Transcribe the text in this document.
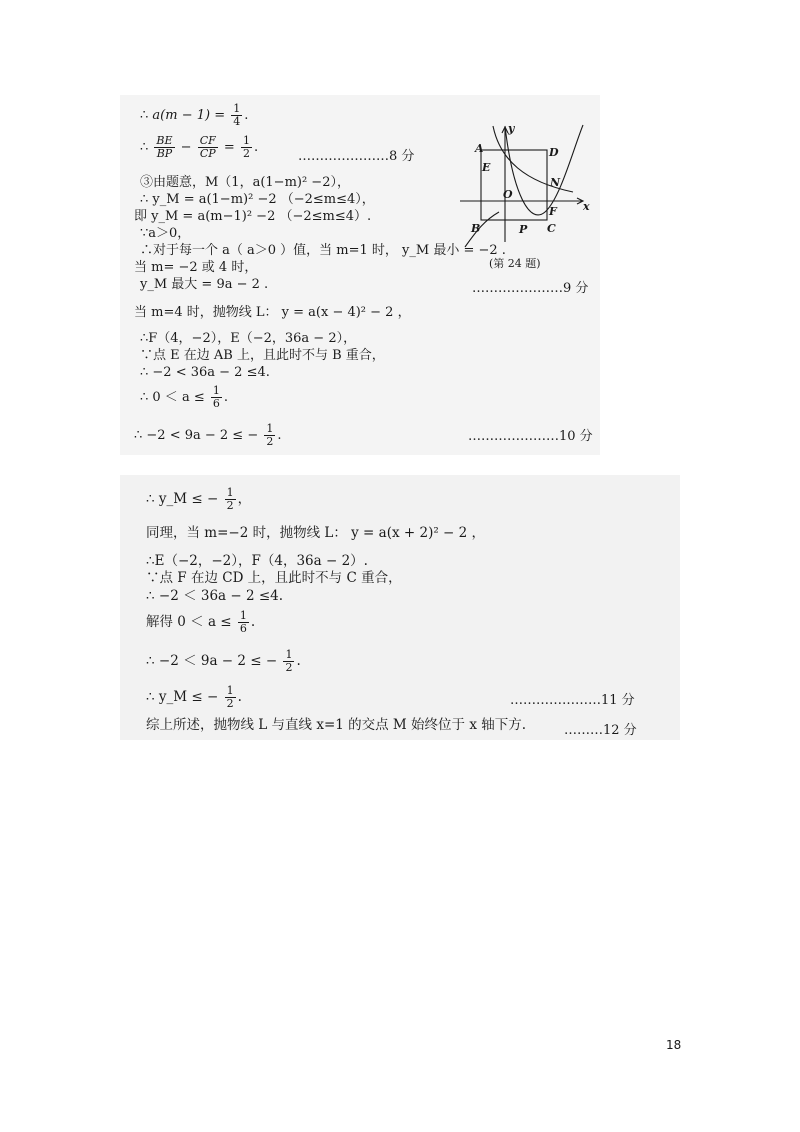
∴ $a(m - 1) = \frac{1}{4}$ .
∴ $\frac{BE}{BP} - \frac{CF}{CP} = \frac{1}{2}$ .
…………………8 分
③由题意，M（1，a(1−m)² −2），
∴ y_M = a(1−m)² −2 （−2≤m≤4），
即 y_M = a(m−1)² −2 （−2≤m≤4）.
∵a＞0，
∴对于每一个 a（ a＞0 ）值，当 m=1 时， y_M 最小 = −2 .
当 m= −2 或 4 时，
y_M 最大 = 9a − 2 .	…………………9 分
当 m=4 时，抛物线 L： y = a(x − 4)² − 2 ，
∴F（4，−2），E（−2，36a − 2），
∵点 E 在边 AB 上，且此时不与 B 重合，
∴ −2 < 36a − 2 ≤4.
∴ $0 < a \le \frac{1}{6}$ .
∴ −2 < 9a − 2 ≤ − $\frac{1}{2}$ .	…………………10 分
y
x
A	D
E
O
N
F
B	P C
(第 24 题)
∴ y_M ≤ − $\frac{1}{2}$ ，
同理，当 m=−2 时，抛物线 L： y = a(x + 2)² − 2 ，
∴E（−2，−2），F（4，36a − 2）.
∵点 F 在边 CD 上，且此时不与 C 重合，
∴ −2 ＜ 36a − 2 ≤4.
解得 $0 < a \le \frac{1}{6}$ .
∴ −2 ＜ 9a − 2 ≤ − $\frac{1}{2}$ .
∴ y_M ≤ − $\frac{1}{2}$ .	…………………11 分
综上所述，抛物线 L 与直线 x=1 的交点 M 始终位于 x 轴下方.	………12 分
18
